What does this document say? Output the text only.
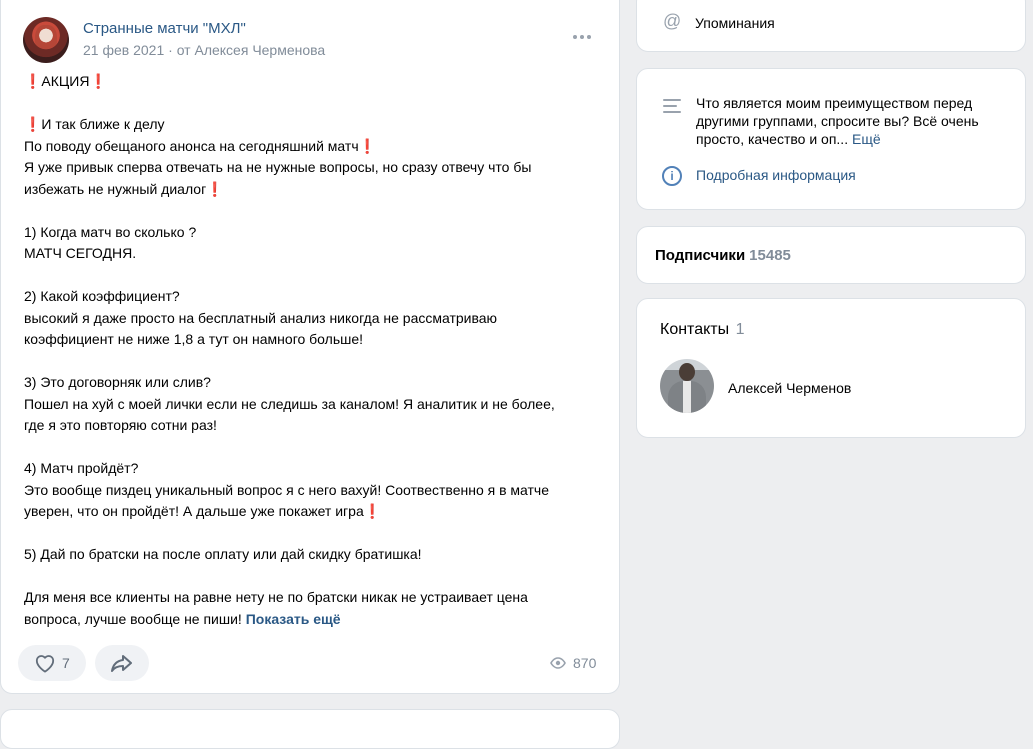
Странные матчи "МХЛ"
21 фев 2021 · от Алексея Черменова
❗АКЦИЯ❗
❗И так ближе к делу
По поводу обещаного анонса на сегодняшний матч❗
Я уже привык сперва отвечать на не нужные вопросы, но сразу отвечу что бы
избежать не нужный диалог❗
1) Когда матч во сколько ?
МАТЧ СЕГОДНЯ.
2) Какой коэффициент?
высокий я даже просто на бесплатный анализ никогда не рассматриваю
коэффициент не ниже 1,8 а тут он намного больше!
3) Это договорняк или слив?
Пошел на хуй с моей лички если не следишь за каналом! Я аналитик и не более,
где я это повторяю сотни раз!
4) Матч пройдёт?
Это вообще пиздец уникальный вопрос я с него вахуй! Соотвественно я в матче
уверен, что он пройдёт! А дальше уже покажет игра❗
5) Дай по братски на после оплату или дай скидку братишка!
Для меня все клиенты на равне нету не по братски никак не устраивает цена
вопроса, лучше вообще не пиши! Показать ещё
7	870
@ Упоминания
Что является моим преимуществом перед другими группами, спросите вы? Всё очень просто, качество и оп... Ещё
i	Подробная информация
Подписчики 15485
Контакты 1
Алексей Черменов
